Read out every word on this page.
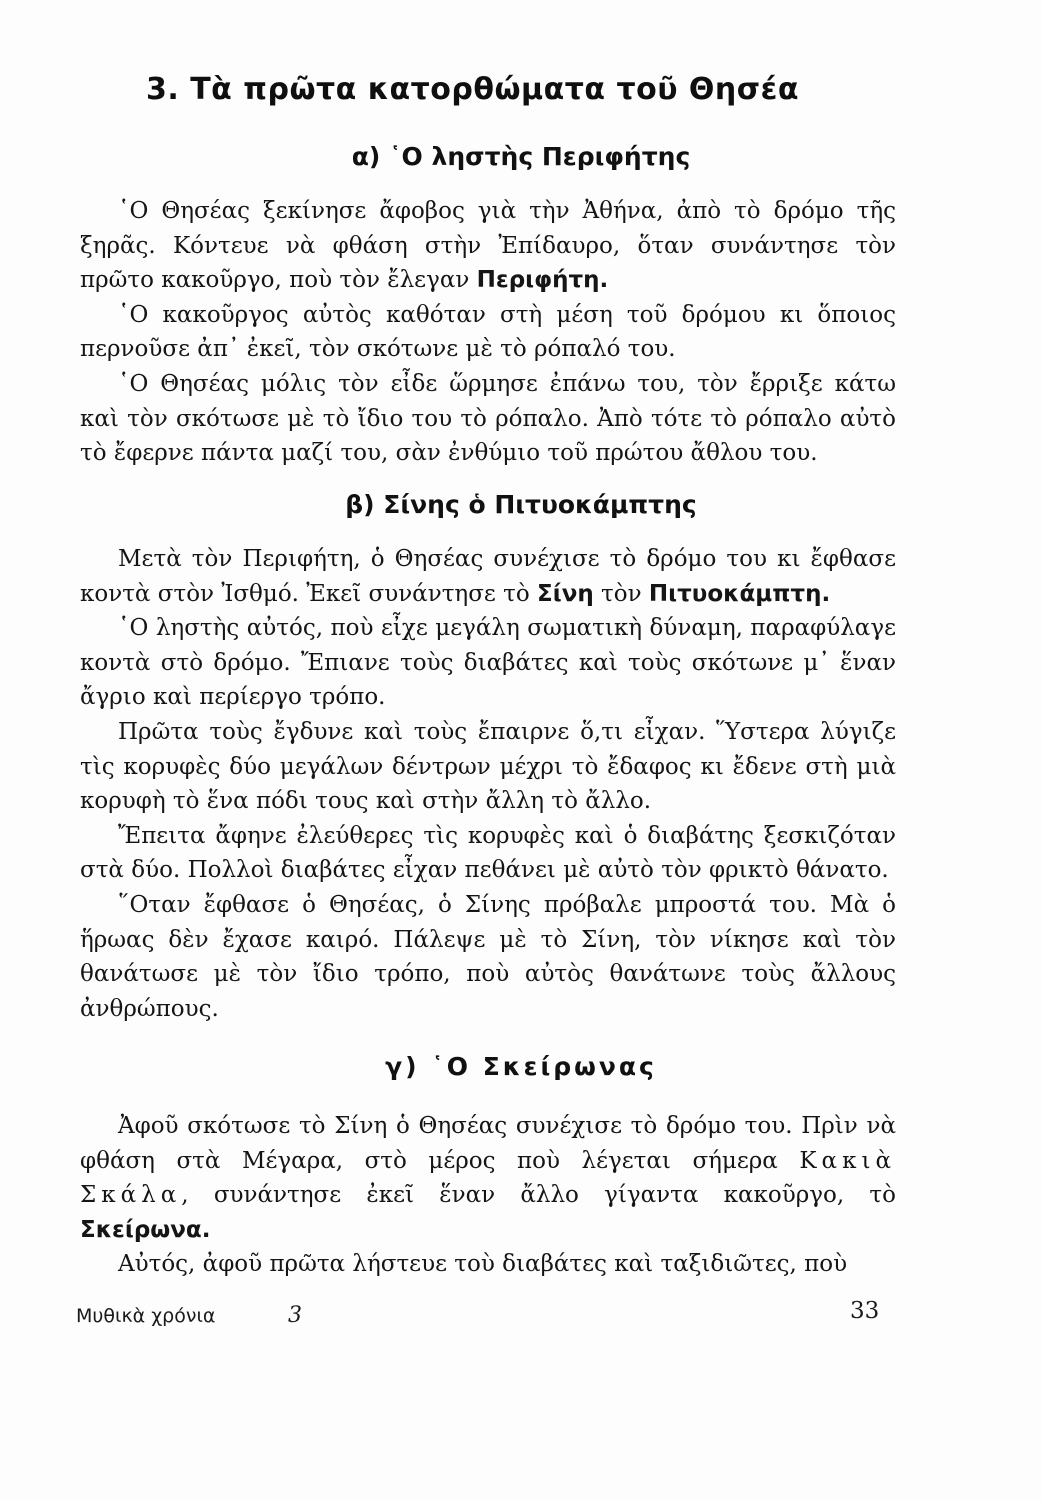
3. Τὰ πρῶτα κατορθώματα τοῦ Θησέα
α) ῾Ο ληστὴς Περιφήτης

῾Ο Θησέας ξεκίνησε ἄφοβος γιὰ τὴν Ἀθήνα, ἀπὸ τὸ δρόμο τῆς ξηρᾶς. Κόντευε νὰ φθάση στὴν Ἐπίδαυρο, ὅταν συνάντησε τὸν πρῶτο κακοῦργο, ποὺ τὸν ἔλεγαν Περιφήτη.

῾Ο κακοῦργος αὐτὸς καθόταν στὴ μέση τοῦ δρόμου κι ὅποιος περνοῦσε ἀπ᾿ ἐκεῖ, τὸν σκότωνε μὲ τὸ ρόπαλό του.

῾Ο Θησέας μόλις τὸν εἶδε ὥρμησε ἐπάνω του, τὸν ἔρριξε κάτω καὶ τὸν σκότωσε μὲ τὸ ἴδιο του τὸ ρόπαλο. Ἀπὸ τότε τὸ ρόπαλο αὐτὸ τὸ ἔφερνε πάντα μαζί του, σὰν ἐνθύμιο τοῦ πρώτου ἄθλου του.

β) Σίνης ὁ Πιτυοκάμπτης

Μετὰ τὸν Περιφήτη, ὁ Θησέας συνέχισε τὸ δρόμο του κι ἔφθασε κοντὰ στὸν Ἰσθμό. Ἐκεῖ συνάντησε τὸ Σίνη τὸν Πιτυοκάμπτη.

῾Ο ληστὴς αὐτός, ποὺ εἶχε μεγάλη σωματικὴ δύναμη, παραφύλαγε κοντὰ στὸ δρόμο. Ἔπιανε τοὺς διαβάτες καὶ τοὺς σκότωνε μ᾿ ἕναν ἄγριο καὶ περίεργο τρόπο.

Πρῶτα τοὺς ἔγδυνε καὶ τοὺς ἔπαιρνε ὅ,τι εἶχαν. Ὕστερα λύγιζε τὶς κορυφὲς δύο μεγάλων δέντρων μέχρι τὸ ἔδαφος κι ἔδενε στὴ μιὰ κορυφὴ τὸ ἕνα πόδι τους καὶ στὴν ἄλλη τὸ ἄλλο.

Ἔπειτα ἄφηνε ἐλεύθερες τὶς κορυφὲς καὶ ὁ διαβάτης ξεσκιζόταν στὰ δύο. Πολλοὶ διαβάτες εἶχαν πεθάνει μὲ αὐτὸ τὸν φρικτὸ θάνατο.

῞Οταν ἔφθασε ὁ Θησέας, ὁ Σίνης πρόβαλε μπροστά του. Μὰ ὁ ἥρωας δὲν ἔχασε καιρό. Πάλεψε μὲ τὸ Σίνη, τὸν νίκησε καὶ τὸν θανάτωσε μὲ τὸν ἴδιο τρόπο, ποὺ αὐτὸς θανάτωνε τοὺς ἄλλους ἀνθρώπους.

γ) ῾Ο Σκείρωνας

Ἀφοῦ σκότωσε τὸ Σίνη ὁ Θησέας συνέχισε τὸ δρόμο του. Πρὶν νὰ φθάση στὰ Μέγαρα, στὸ μέρος ποὺ λέγεται σήμερα Κακιὰ Σκάλα, συνάντησε ἐκεῖ ἕναν ἄλλο γίγαντα κακοῦργο, τὸ Σκείρωνα.

Αὐτός, ἀφοῦ πρῶτα λήστευε τοὺ διαβάτες καὶ ταξιδιῶτες, ποὺ

Μυθικὰ χρόνια	3	33
